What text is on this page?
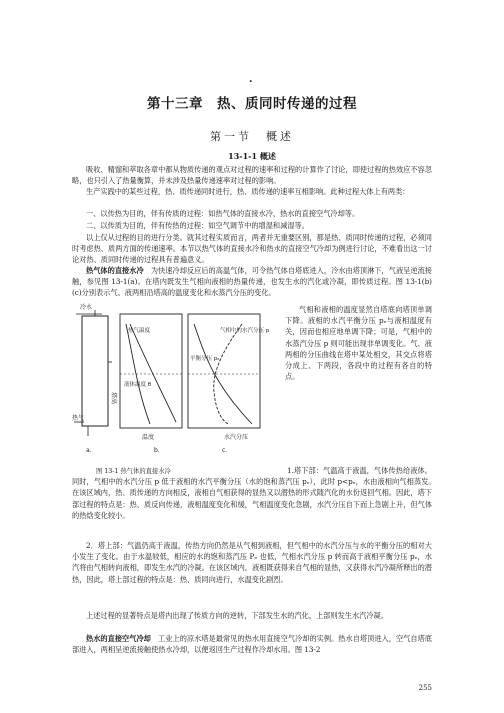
.
第十三章　热、质同时传递的过程
第一节　概述
13-1-1 概述
吸收、精馏和萃取各章中都从物质传递的观点对过程的速率和过程的计算作了讨论，即使过程的热效应不容忽略，也只引入了热量衡算，并未涉及热量传递速率对过程的影响。
生产实践中的某些过程，热、质传递同时进行，热、质传递的速率互相影响。此种过程大体上有两类：
一、以传热为目的，伴有传质的过程：如热气体的直接水冷，热水的直接空气冷却等。
二、以传质为目的，伴有传热的过程：如空气调节中的增湿和减湿等。
以上仅从过程的目的进行分类。就其过程实质而言，两者并无重要区别，都是热、质同时传递的过程，必须同时考虑热、质两方面的传递速率。本节以热气体的直接水冷和热水的直接空气冷却为例进行讨论，不难看出这一讨论对热、质同时传递的过程具有普遍意义。
热气体的直接水冷　为快速冷却反应后的高温气体，可令热气体自塔底进入，冷水由塔顶淋下，气液呈逆流接触，参见图 13-1(a)。在塔内既发生气相向液相的热量传递，也发生水的汽化或冷凝，即传质过程。图 13-1(b) (c)分别表示气、液两相沿塔高的温度变化和水蒸汽分压的变化。
冷水
热气
塔高
热气温度
液体温度 θ
平衡分压 pₑ
气相中的水汽分压 p
温度	水汽分压
a.	b.	c.
图 13-1 热气体的直接水冷
气相和液相的温度显然自塔底向塔顶单调下降。液相的水汽平衡分压 pₑ与液相温度有关，因而也相应地单调下降；可是，气相中的水蒸汽分压 p 则可能出现非单调变化。气、液两相的分压曲线在塔中某处相交，其交点将塔分成上、下两段，各段中的过程有各自的特点。
1.塔下部：气温高于液温，气体传热给液体。同时，气相中的水汽分压 p 低于液相的水汽平衡分压（水的饱和蒸汽压 pₑ），此时 p<pₑ，水由液相向气相蒸发。　在该区域内，热、质传递的方向相反，液相自气相获得的显热又以潜热的形式随汽化的水份返回气相。因此，塔下部过程的特点是：热、质反向传递，液相温度变化和缓，气相温度变化急剧，水汽分压自下而上急剧上升，但气体的热焓变化较小。
2．塔上部：气温仍高于液温，传热方向仍然是从气相到液相，但气相中的水汽分压与水的平衡分压的相对大小发生了变化。由于水温较低，相应的水的饱和蒸汽压 Pₑ 也低，气相水汽分压 p 转而高于液相平衡分压 pₑ，水汽将由气相转向液相，即发生水汽的冷凝。在该区域内，液相既获得来自气相的显热，又获得水汽冷凝所释出的潜热，因此，塔上部过程的特点是：热、质同向进行，水温变化剧烈。
上述过程的显著特点是塔内出现了传质方向的逆转，下部发生水的汽化，上部则发生水汽冷凝。
热水的直接空气冷却　工业上的凉水塔是最常见的热水用直接空气冷却的实例。热水自塔顶进入，空气自塔底部进入，两相呈逆流接触使热水冷却，以便返回生产过程作冷却水用。图 13-2
255
